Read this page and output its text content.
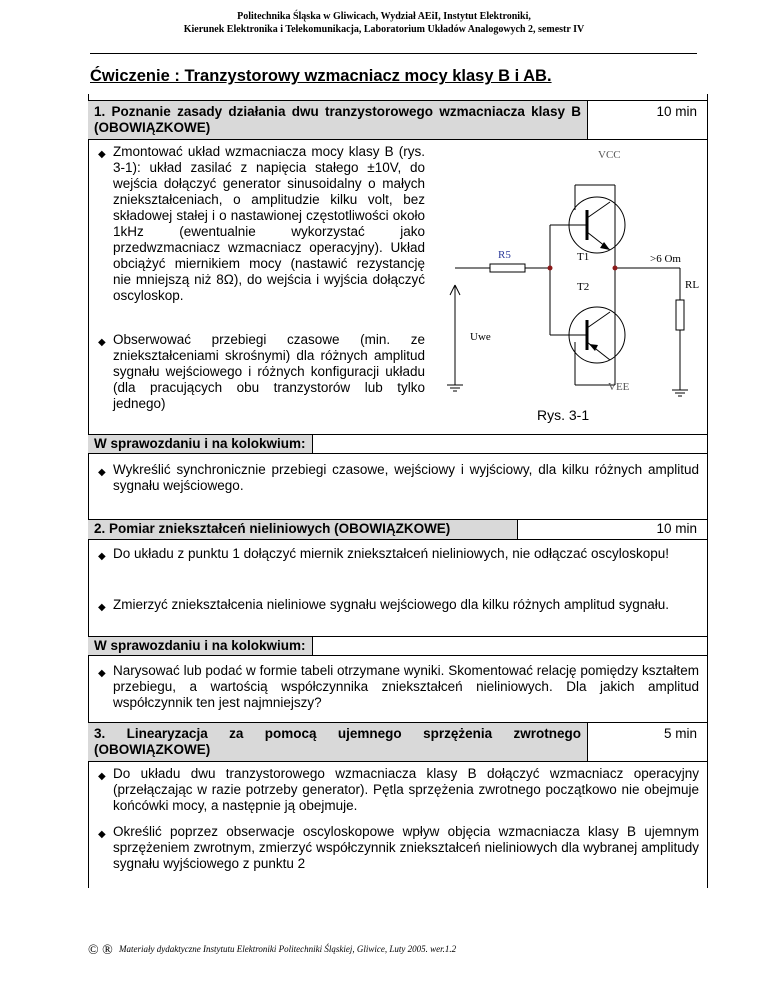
Politechnika Śląska w Gliwicach, Wydział AEiI, Instytut Elektroniki,
Kierunek Elektronika i Telekomunikacja, Laboratorium Układów Analogowych 2, semestr IV
Ćwiczenie : Tranzystorowy wzmacniacz mocy klasy B i AB.
1. Poznanie zasady działania dwu tranzystorowego wzmacniacza klasy B (OBOWIĄZKOWE)
10 min
◆ Zmontować układ wzmacniacza mocy klasy B (rys. 3-1): układ zasilać z napięcia stałego ±10V, do wejścia dołączyć generator sinusoidalny o małych zniekształceniach, o amplitudzie kilku volt, bez składowej stałej i o nastawionej częstotliwości około 1kHz (ewentualnie wykorzystać jako przedwzmacniacz wzmacniacz operacyjny). Układ obciążyć miernikiem mocy (nastawić rezystancję nie mniejszą niż 8Ω), do wejścia i wyjścia dołączyć oscyloskop.
◆ Obserwować przebiegi czasowe (min. ze zniekształceniami skrośnymi) dla różnych amplitud sygnału wejściowego i różnych konfiguracji układu (dla pracujących obu tranzystorów lub tylko jednego)
VCC
R5	T1
T2
>6 Om
RL
Uwe
VEE
Rys. 3-1
W sprawozdaniu i na kolokwium:
◆ Wykreślić synchronicznie przebiegi czasowe, wejściowy i wyjściowy, dla kilku różnych amplitud sygnału wejściowego.
2. Pomiar zniekształceń nieliniowych (OBOWIĄZKOWE)	10 min
◆ Do układu z punktu 1 dołączyć miernik zniekształceń nieliniowych, nie odłączać oscyloskopu!
◆ Zmierzyć zniekształcenia nieliniowe sygnału wejściowego dla kilku różnych amplitud sygnału.
W sprawozdaniu i na kolokwium:
◆ Narysować lub podać w formie tabeli otrzymane wyniki. Skomentować relację pomiędzy kształtem przebiegu, a wartością współczynnika zniekształceń nieliniowych. Dla jakich amplitud współczynnik ten jest najmniejszy?
3. Linearyzacja za pomocą ujemnego sprzężenia zwrotnego (OBOWIĄZKOWE)
5 min
◆ Do układu dwu tranzystorowego wzmacniacza klasy B dołączyć wzmacniacz operacyjny (przełączając w razie potrzeby generator). Pętla sprzężenia zwrotnego początkowo nie obejmuje końcówki mocy, a następnie ją obejmuje.
◆ Określić poprzez obserwacje oscyloskopowe wpływ objęcia wzmacniacza klasy B ujemnym sprzężeniem zwrotnym, zmierzyć współczynnik zniekształceń nieliniowych dla wybranej amplitudy sygnału wyjściowego z punktu 2
© ® Materiały dydaktyczne Instytutu Elektroniki Politechniki Śląskiej, Gliwice, Luty 2005. wer.1.2
